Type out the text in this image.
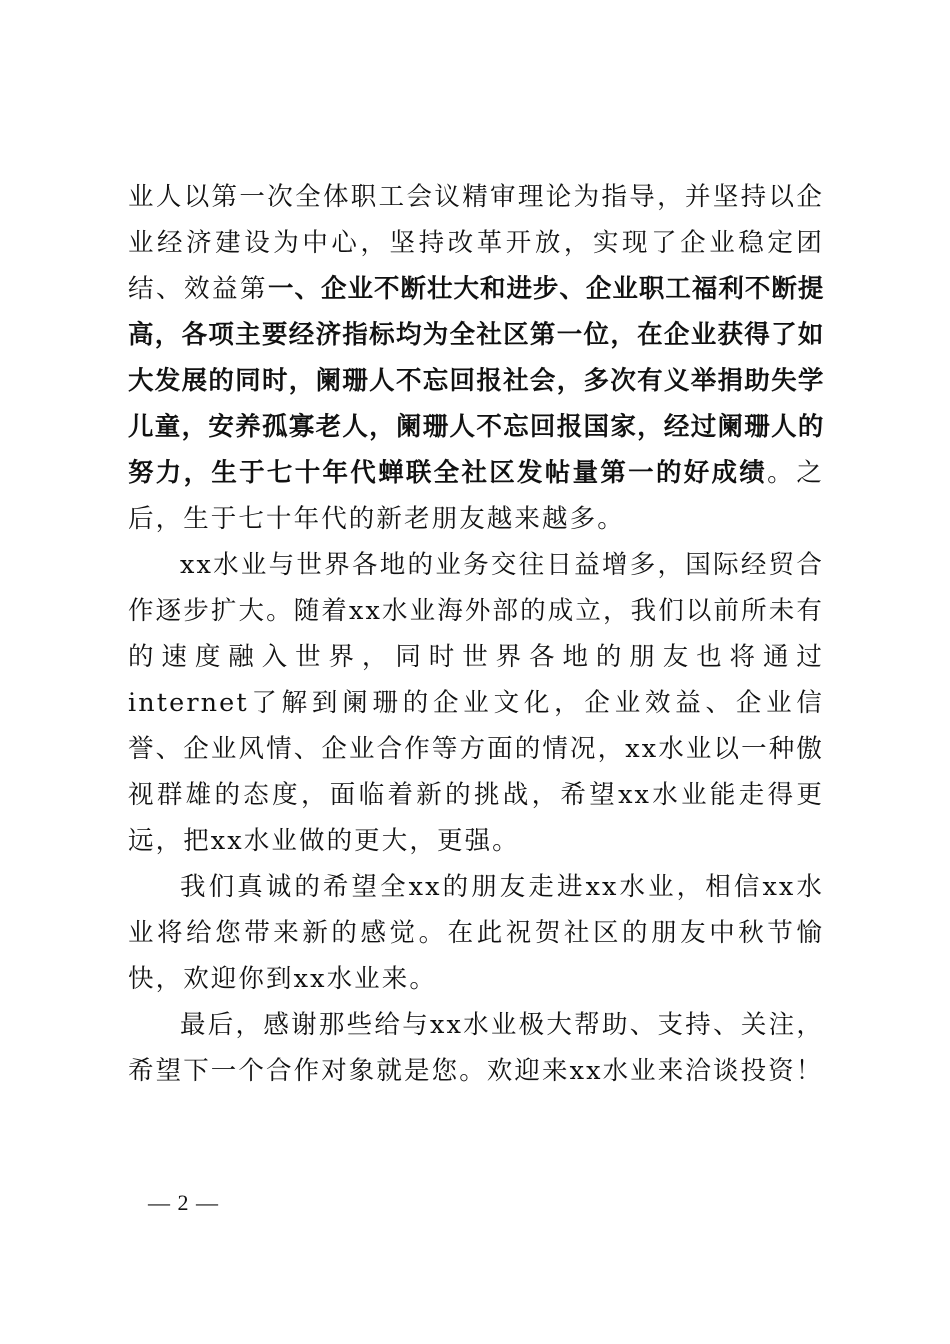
业人以第一次全体职工会议精审理论为指导，并坚持以企业经济建设为中心，坚持改革开放，实现了企业稳定团结、效益第一、企业不断壮大和进步、企业职工福利不断提高，各项主要经济指标均为全社区第一位，在企业获得了如大发展的同时，阑珊人不忘回报社会，多次有义举捐助失学儿童，安养孤寡老人，阑珊人不忘回报国家，经过阑珊人的努力，生于七十年代蝉联全社区发帖量第一的好成绩。之后，生于七十年代的新老朋友越来越多。

xx水业与世界各地的业务交往日益增多，国际经贸合作逐步扩大。随着xx水业海外部的成立，我们以前所未有的速度融入世界，同时世界各地的朋友也将通过internet了解到阑珊的企业文化，企业效益、企业信誉、企业风情、企业合作等方面的情况，xx水业以一种傲视群雄的态度，面临着新的挑战，希望xx水业能走得更远，把xx水业做的更大，更强。

我们真诚的希望全xx的朋友走进xx水业，相信xx水业将给您带来新的感觉。在此祝贺社区的朋友中秋节愉快，欢迎你到xx水业来。

最后，感谢那些给与xx水业极大帮助、支持、关注，希望下一个合作对象就是您。欢迎来xx水业来洽谈投资！

— 2 —
